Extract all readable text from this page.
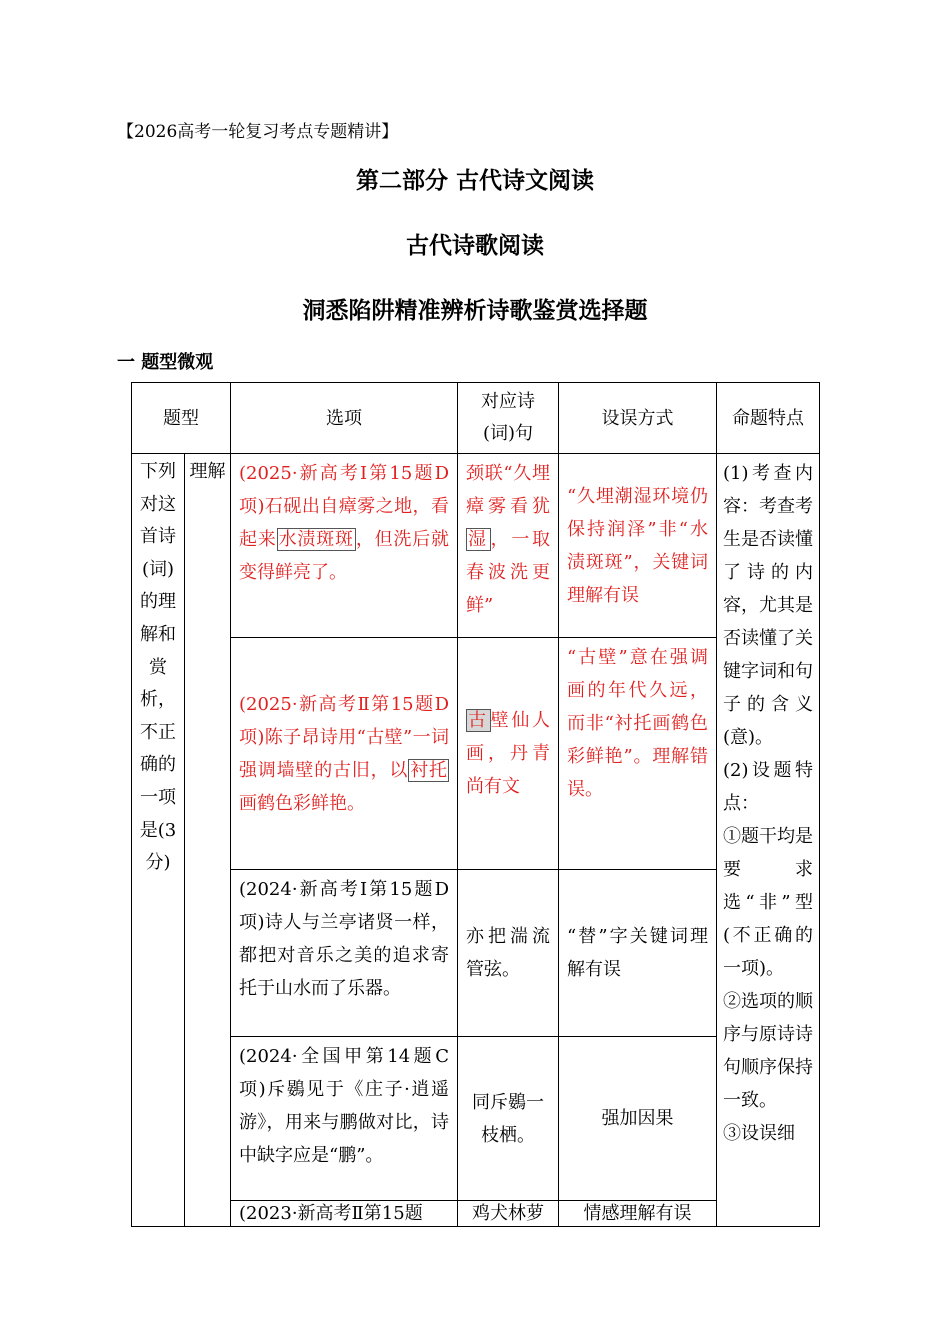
【2026高考一轮复习考点专题精讲】
第二部分 古代诗文阅读
古代诗歌阅读
洞悉陷阱精准辨析诗歌鉴赏选择题
一 题型微观
题型		选项	对应诗(词)句	设误方式	命题特点
下列对这首诗(词)的理解和赏析，不正确的一项是(3分)	理解	(2025·新高考Ⅰ第15题D项)石砚出自瘴雾之地，看起来 水渍斑斑 ，但洗后就变得鲜亮了。	颈联“久埋瘴雾看犹湿 ，一取春波洗更鲜”	“久埋潮湿环境仍保持润泽”非“水渍斑斑”，关键词理解有误	(1)考查内容：考查考生是否读懂了诗的内容，尤其是否读懂了关键字词和句子的含义(意)。

(2)设题特点：

①题干均是要求选“非”型(不正确的一项)。

②选项的顺序与原诗诗句顺序保持一致。

③设误细

		(2025·新高考Ⅱ第15题D项)陈子昂诗用“古壁”一词强调墙壁的古旧，以 衬托画鹤色彩鲜艳。	古 壁仙人画，丹青尚有文	“古壁”意在强调画的年代久远，而非“衬托画鹤色彩鲜艳”。理解错误。	
		(2024·新高考Ⅰ第15题D项)诗人与兰亭诸贤一样，都把对音乐之美的追求寄托于山水而了乐器。	亦把湍流管弦。	“替”字关键词理解有误	
		(2024·全国甲第14题C项)斥鷃见于《庄子·逍遥游》，用来与鹏做对比，诗中缺字应是“鹏”。	同斥鷃一枝栖。	强加因果	
		(2023·新高考Ⅱ第15题	鸡犬林萝	情感理解有误	
